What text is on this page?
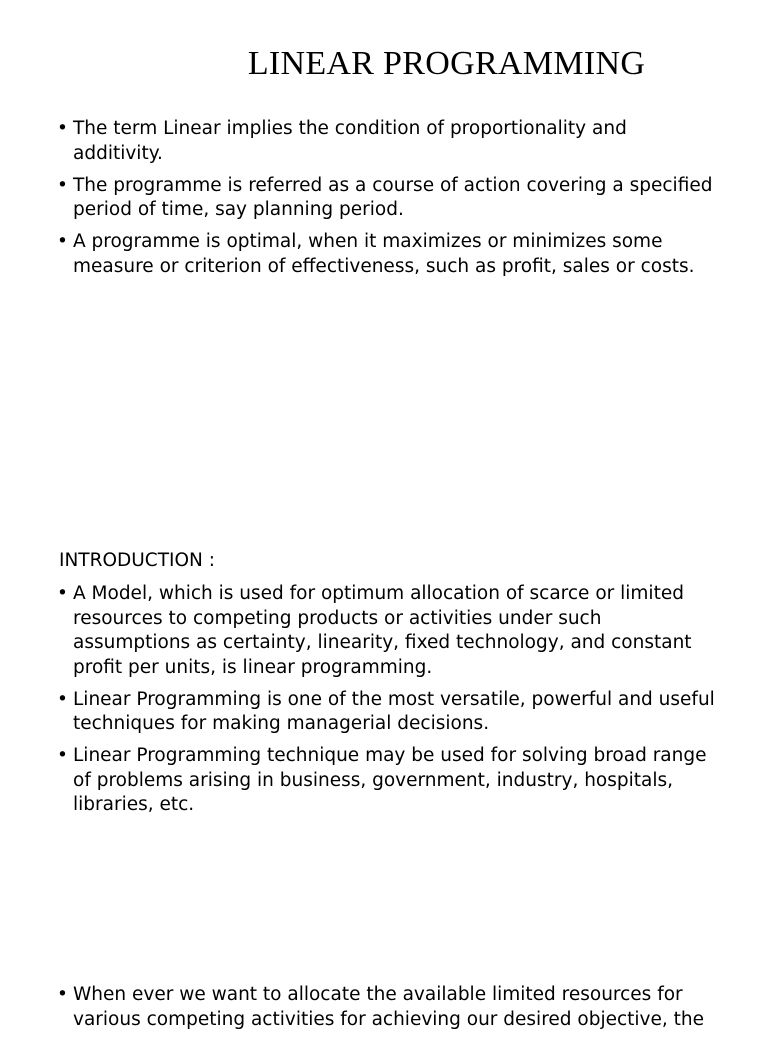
LINEAR PROGRAMMING
• The term Linear implies the condition of proportionality and additivity.
• The programme is referred as a course of action covering a specified period of time, say planning period.
• A programme is optimal, when it maximizes or minimizes some measure or criterion of effectiveness, such as profit, sales or costs.
INTRODUCTION :
• A Model, which is used for optimum allocation of scarce or limited resources to competing products or activities under such assumptions as certainty, linearity, fixed technology, and constant profit per units, is linear programming.
• Linear Programming is one of the most versatile, powerful and useful techniques for making managerial decisions.
• Linear Programming technique may be used for solving broad range of problems arising in business, government, industry, hospitals, libraries, etc.
• When ever we want to allocate the available limited resources for various competing activities for achieving our desired objective, the
